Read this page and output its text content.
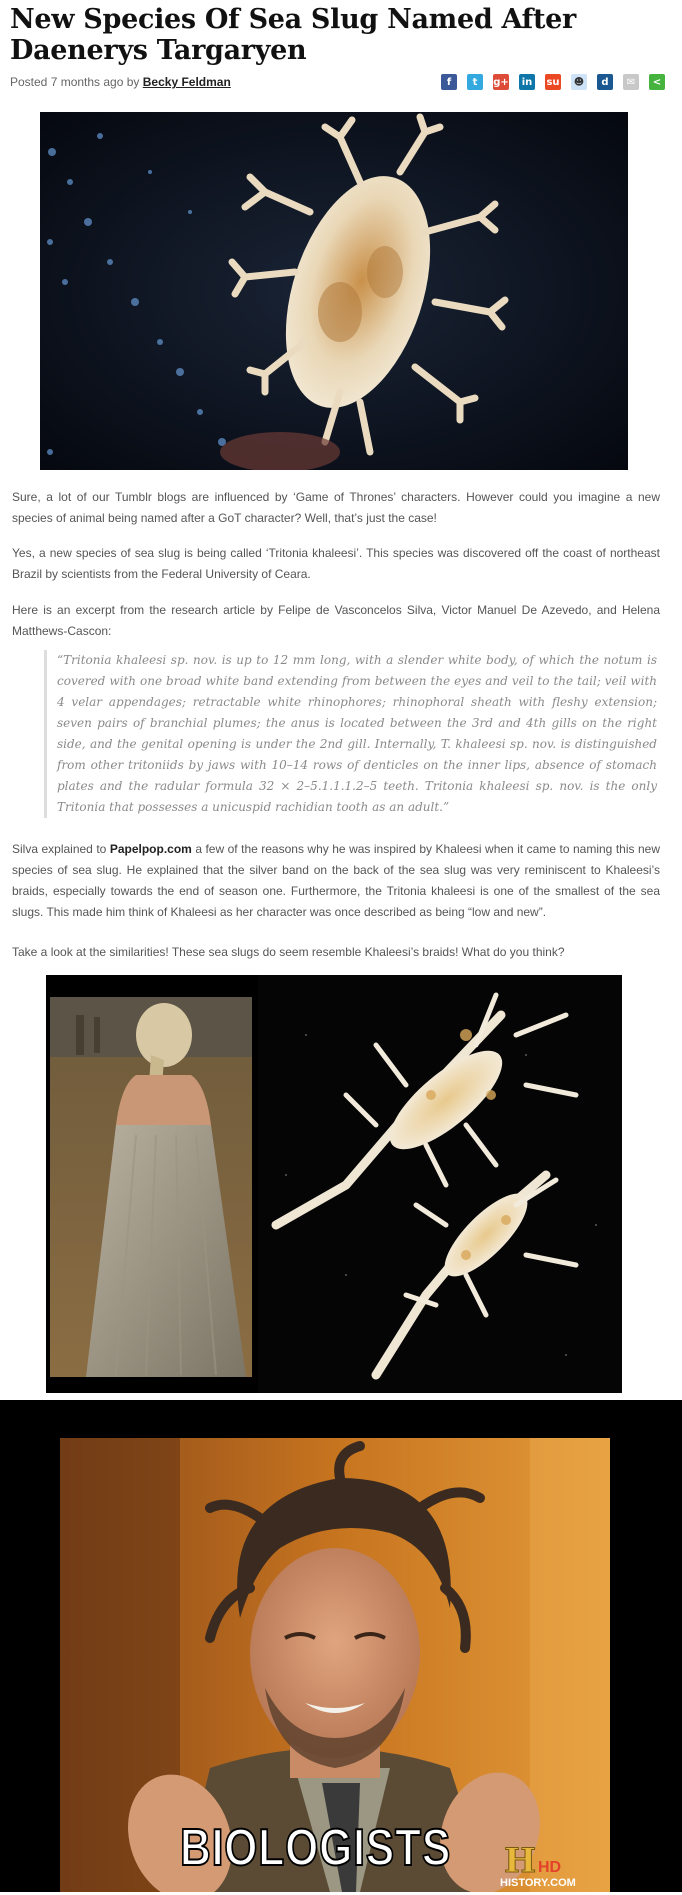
New Species Of Sea Slug Named After Daenerys Targaryen
Posted 7 months ago by Becky Feldman	f	t	g+ in su ☻	d	✉	<

Sure, a lot of our Tumblr blogs are influenced by ‘Game of Thrones’ characters. However could you imagine a new species of animal being named after a GoT character? Well, that’s just the case!

Yes, a new species of sea slug is being called ‘Tritonia khaleesi’. This species was discovered off the coast of northeast Brazil by scientists from the Federal University of Ceara.

Here is an excerpt from the research article by Felipe de Vasconcelos Silva, Victor Manuel De Azevedo, and Helena Matthews-Cascon:

“Tritonia khaleesi sp. nov. is up to 12 mm long, with a slender white body, of which the notum is covered with one broad white band extending from between the eyes and veil to the tail; veil with 4 velar appendages; retractable white rhinophores; rhinophoral sheath with fleshy extension; seven pairs of branchial plumes; the anus is located between the 3rd and 4th gills on the right side, and the genital opening is under the 2nd gill. Internally, T. khaleesi sp. nov. is distinguished from other tritoniids by jaws with 10–14 rows of denticles on the inner lips, absence of stomach plates and the radular formula 32 × 2–5.1.1.1.2–5 teeth. Tritonia khaleesi sp. nov. is the only Tritonia that possesses a unicuspid rachidian tooth as an adult.”

Silva explained to Papelpop.com a few of the reasons why he was inspired by Khaleesi when it came to naming this new species of sea slug. He explained that the silver band on the back of the sea slug was very reminiscent to Khaleesi’s braids, especially towards the end of season one. Furthermore, the Tritonia khaleesi is one of the smallest of the sea slugs. This made him think of Khaleesi as her character was once described as being “low and new”.

Take a look at the similarities! These sea slugs do seem resemble Khaleesi’s braids! What do you think?

BIOLOGISTS H HD
HISTORY.COM
